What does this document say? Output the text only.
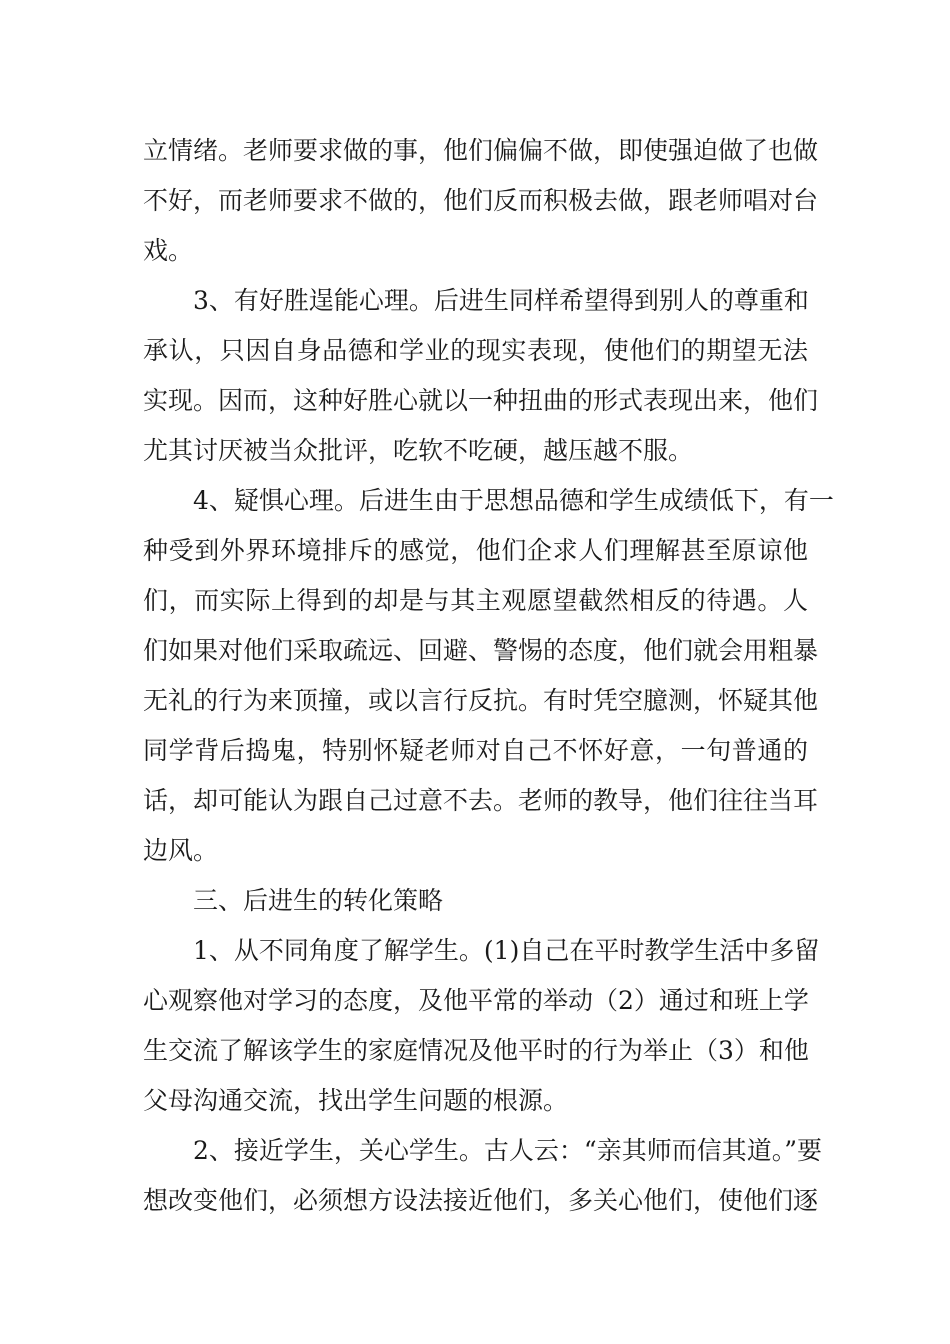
立情绪。老师要求做的事，他们偏偏不做，即使强迫做了也做
不好，而老师要求不做的，他们反而积极去做，跟老师唱对台
戏。
3、有好胜逞能心理。后进生同样希望得到别人的尊重和
承认，只因自身品德和学业的现实表现，使他们的期望无法
实现。因而，这种好胜心就以一种扭曲的形式表现出来，他们
尤其讨厌被当众批评，吃软不吃硬，越压越不服。
4、疑惧心理。后进生由于思想品德和学生成绩低下，有一
种受到外界环境排斥的感觉，他们企求人们理解甚至原谅他
们，而实际上得到的却是与其主观愿望截然相反的待遇。人
们如果对他们采取疏远、回避、警惕的态度，他们就会用粗暴
无礼的行为来顶撞，或以言行反抗。有时凭空臆测，怀疑其他
同学背后捣鬼，特别怀疑老师对自己不怀好意，一句普通的
话，却可能认为跟自己过意不去。老师的教导，他们往往当耳
边风。
三、后进生的转化策略
1、从不同角度了解学生。(1)自己在平时教学生活中多留
心观察他对学习的态度，及他平常的举动（2）通过和班上学
生交流了解该学生的家庭情况及他平时的行为举止（3）和他
父母沟通交流，找出学生问题的根源。
2、接近学生，关心学生。古人云：“亲其师而信其道。”要
想改变他们，必须想方设法接近他们，多关心他们，使他们逐
